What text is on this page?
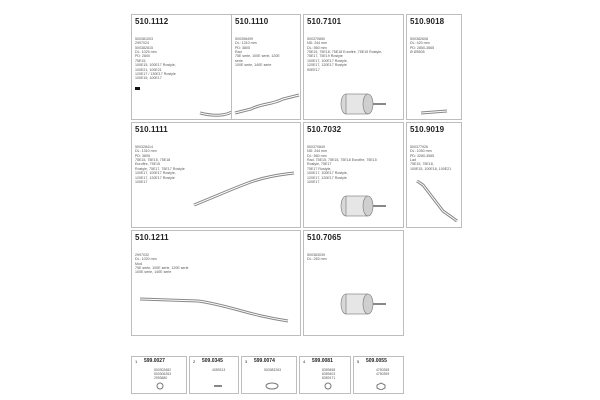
510.1112

500381003
2997024
500382815
DL: 1025 mm
PD: 2800
75E15,
100E15, 100E17 Rostyle,
100E21, 100E21
120E17 / 130E17 Rostyle
100E15, 100E17

510.1110

500398499
DL: 1310 mm
PD: 3805
Rad
75E serie, 100E serie, 120E
serie
100E serie, 140E serie

510.7101

500370850
ND: 244 mm
DL: 560 mm
75E15, 75E18, 75E18 Eurofire, 75E15 Rostyle,
75E17, 75E19 Rostyle
100E17, 100E17 Rostyle,
120E17, 120E17 Rostyle
90EE17

510.9018

500382608
DL: 420 mm
PD: 2850-3565
Ø Ø5505

510.1111

500328414
DL: 1310 mm
PD: 3805
75E15, 75E15, 75E18
Eurofire, 75E15
Rostyle, 75E17, 75E17 Rostyle
100E17, 100E17 Rostyle,
120E17, 120E17 Rostyle
100E17

510.7032

500370849
ND: 244 mm
DL: 560 mm
Rad, 75E15, 75E15, 75E18 Eurofire, 75E15
Rostyle, 75E17
75E17 Rostyle,
100E17, 100E17 Rostyle,
120E17, 120E17 Rostyle
100E17

510.9019

500377926
DL: 1050 mm
PD: 3280-3565
Lad
75E15, 75E18,
100E15, 100E18, 100E21

510.1211

2997032
DL: 1020 mm
Mod
75E serie, 100E serie, 120E serie
100E serie, 140E serie

510.7065

500383039
DL: 263 mm

1 599.0027
500302682
500306263
2993680
2 509.0345
4059313
3 599.0074
500383263
4 599.0081
8359458
8359403
8359171
5 509.0055
4750268
4750399
